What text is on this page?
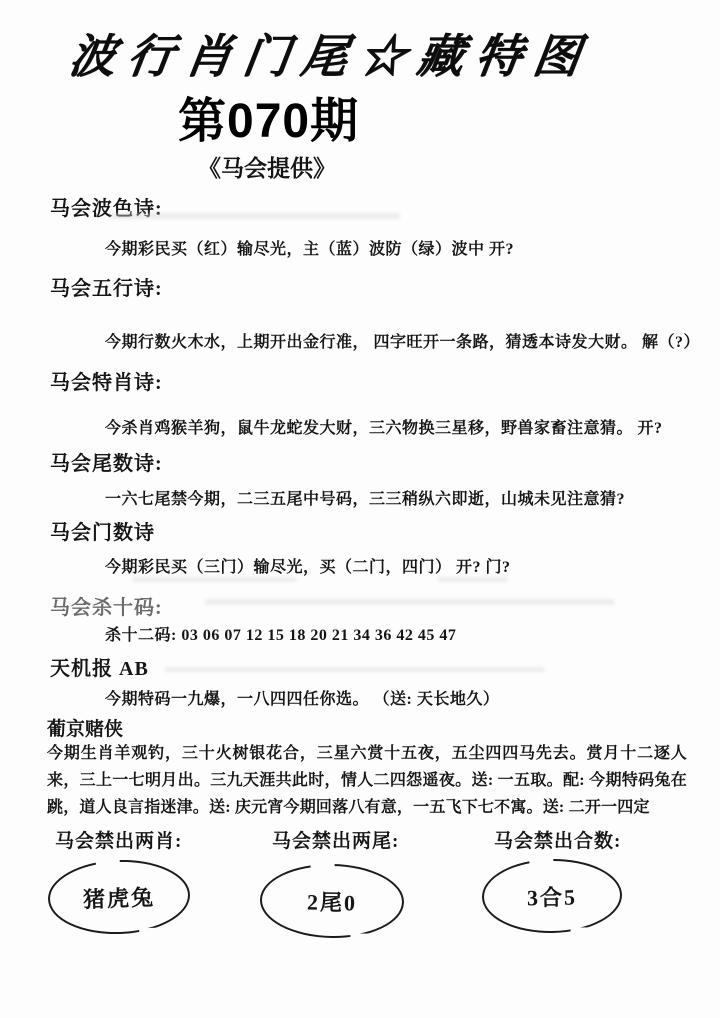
波行肖门尾☆藏特图
第070期
《马会提供》
马会波色诗:
今期彩民买（红）输尽光，主（蓝）波防（绿）波中 开?
马会五行诗:
今期行数火木水，上期开出金行准， 四字旺开一条路，猜透本诗发大财。 解（?）
马会特肖诗:
今杀肖鸡猴羊狗，鼠牛龙蛇发大财，三六物换三星移，野兽家畜注意猜。 开?
马会尾数诗:
一六七尾禁今期，二三五尾中号码，三三稍纵六即逝，山城未见注意猜?
马会门数诗
今期彩民买（三门）输尽光，买（二门，四门） 开? 门?
马会杀十码:
杀十二码: 03 06 07 12 15 18 20 21 34 36 42 45 47
天机报 AB
今期特码一九爆，一八四四任你选。 （送: 天长地久）
葡京赌侠
今期生肖羊观钓，三十火树银花合，三星六赏十五夜，五尘四四马先去。赏月十二逐人来，三上一七明月出。三九天涯共此时，情人二四怨遥夜。送: 一五取。配: 今期特码兔在跳，道人良言指迷津。送: 庆元宵今期回落八有意，一五飞下七不寓。送: 二开一四定
马会禁出两肖:	马会禁出两尾:	马会禁出合数:
猪虎兔	2尾0	3合5
